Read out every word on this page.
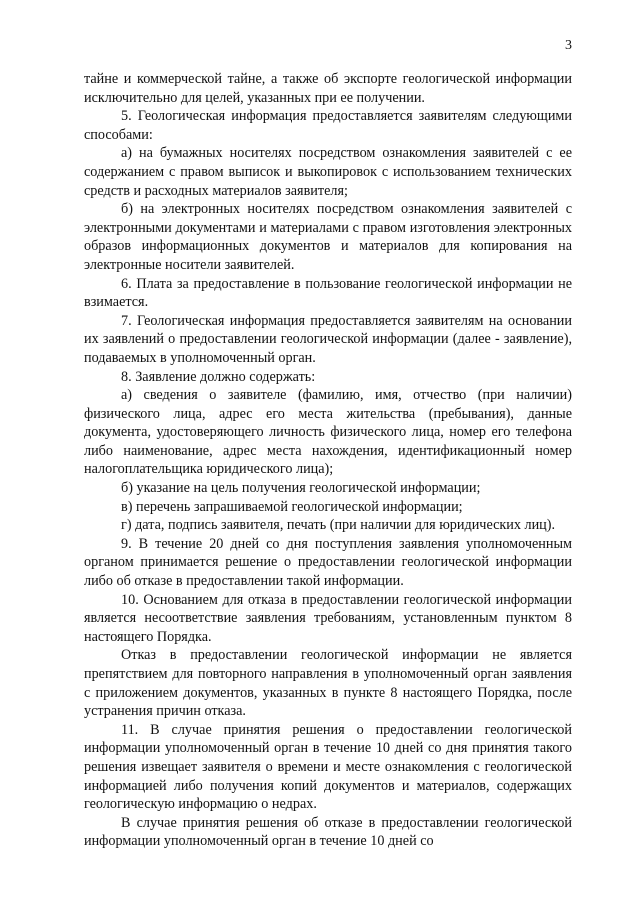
3

тайне и коммерческой тайне, а также об экспорте геологической информации исключительно для целей, указанных при ее получении.

5. Геологическая информация предоставляется заявителям следующими способами:

а) на бумажных носителях посредством ознакомления заявителей с ее содержанием с правом выписок и выкопировок с использованием технических средств и расходных материалов заявителя;

б) на электронных носителях посредством ознакомления заявителей с электронными документами и материалами с правом изготовления электронных образов информационных документов и материалов для копирования на электронные носители заявителей.

6. Плата за предоставление в пользование геологической информации не взимается.

7. Геологическая информация предоставляется заявителям на основании их заявлений о предоставлении геологической информации (далее - заявление), подаваемых в уполномоченный орган.

8. Заявление должно содержать:

а) сведения о заявителе (фамилию, имя, отчество (при наличии) физического лица, адрес его места жительства (пребывания), данные документа, удостоверяющего личность физического лица, номер его телефона либо наименование, адрес места нахождения, идентификационный номер налогоплательщика юридического лица);

б) указание на цель получения геологической информации;

в) перечень запрашиваемой геологической информации;

г) дата, подпись заявителя, печать (при наличии для юридических лиц).

9. В течение 20 дней со дня поступления заявления уполномоченным органом принимается решение о предоставлении геологической информации либо об отказе в предоставлении такой информации.

10. Основанием для отказа в предоставлении геологической информации является несоответствие заявления требованиям, установленным пунктом 8 настоящего Порядка.

Отказ в предоставлении геологической информации не является препятствием для повторного направления в уполномоченный орган заявления с приложением документов, указанных в пункте 8 настоящего Порядка, после устранения причин отказа.

11. В случае принятия решения о предоставлении геологической информации уполномоченный орган в течение 10 дней со дня принятия такого решения извещает заявителя о времени и месте ознакомления с геологической информацией либо получения копий документов и материалов, содержащих геологическую информацию о недрах.

В случае принятия решения об отказе в предоставлении геологической информации уполномоченный орган в течение 10 дней со
